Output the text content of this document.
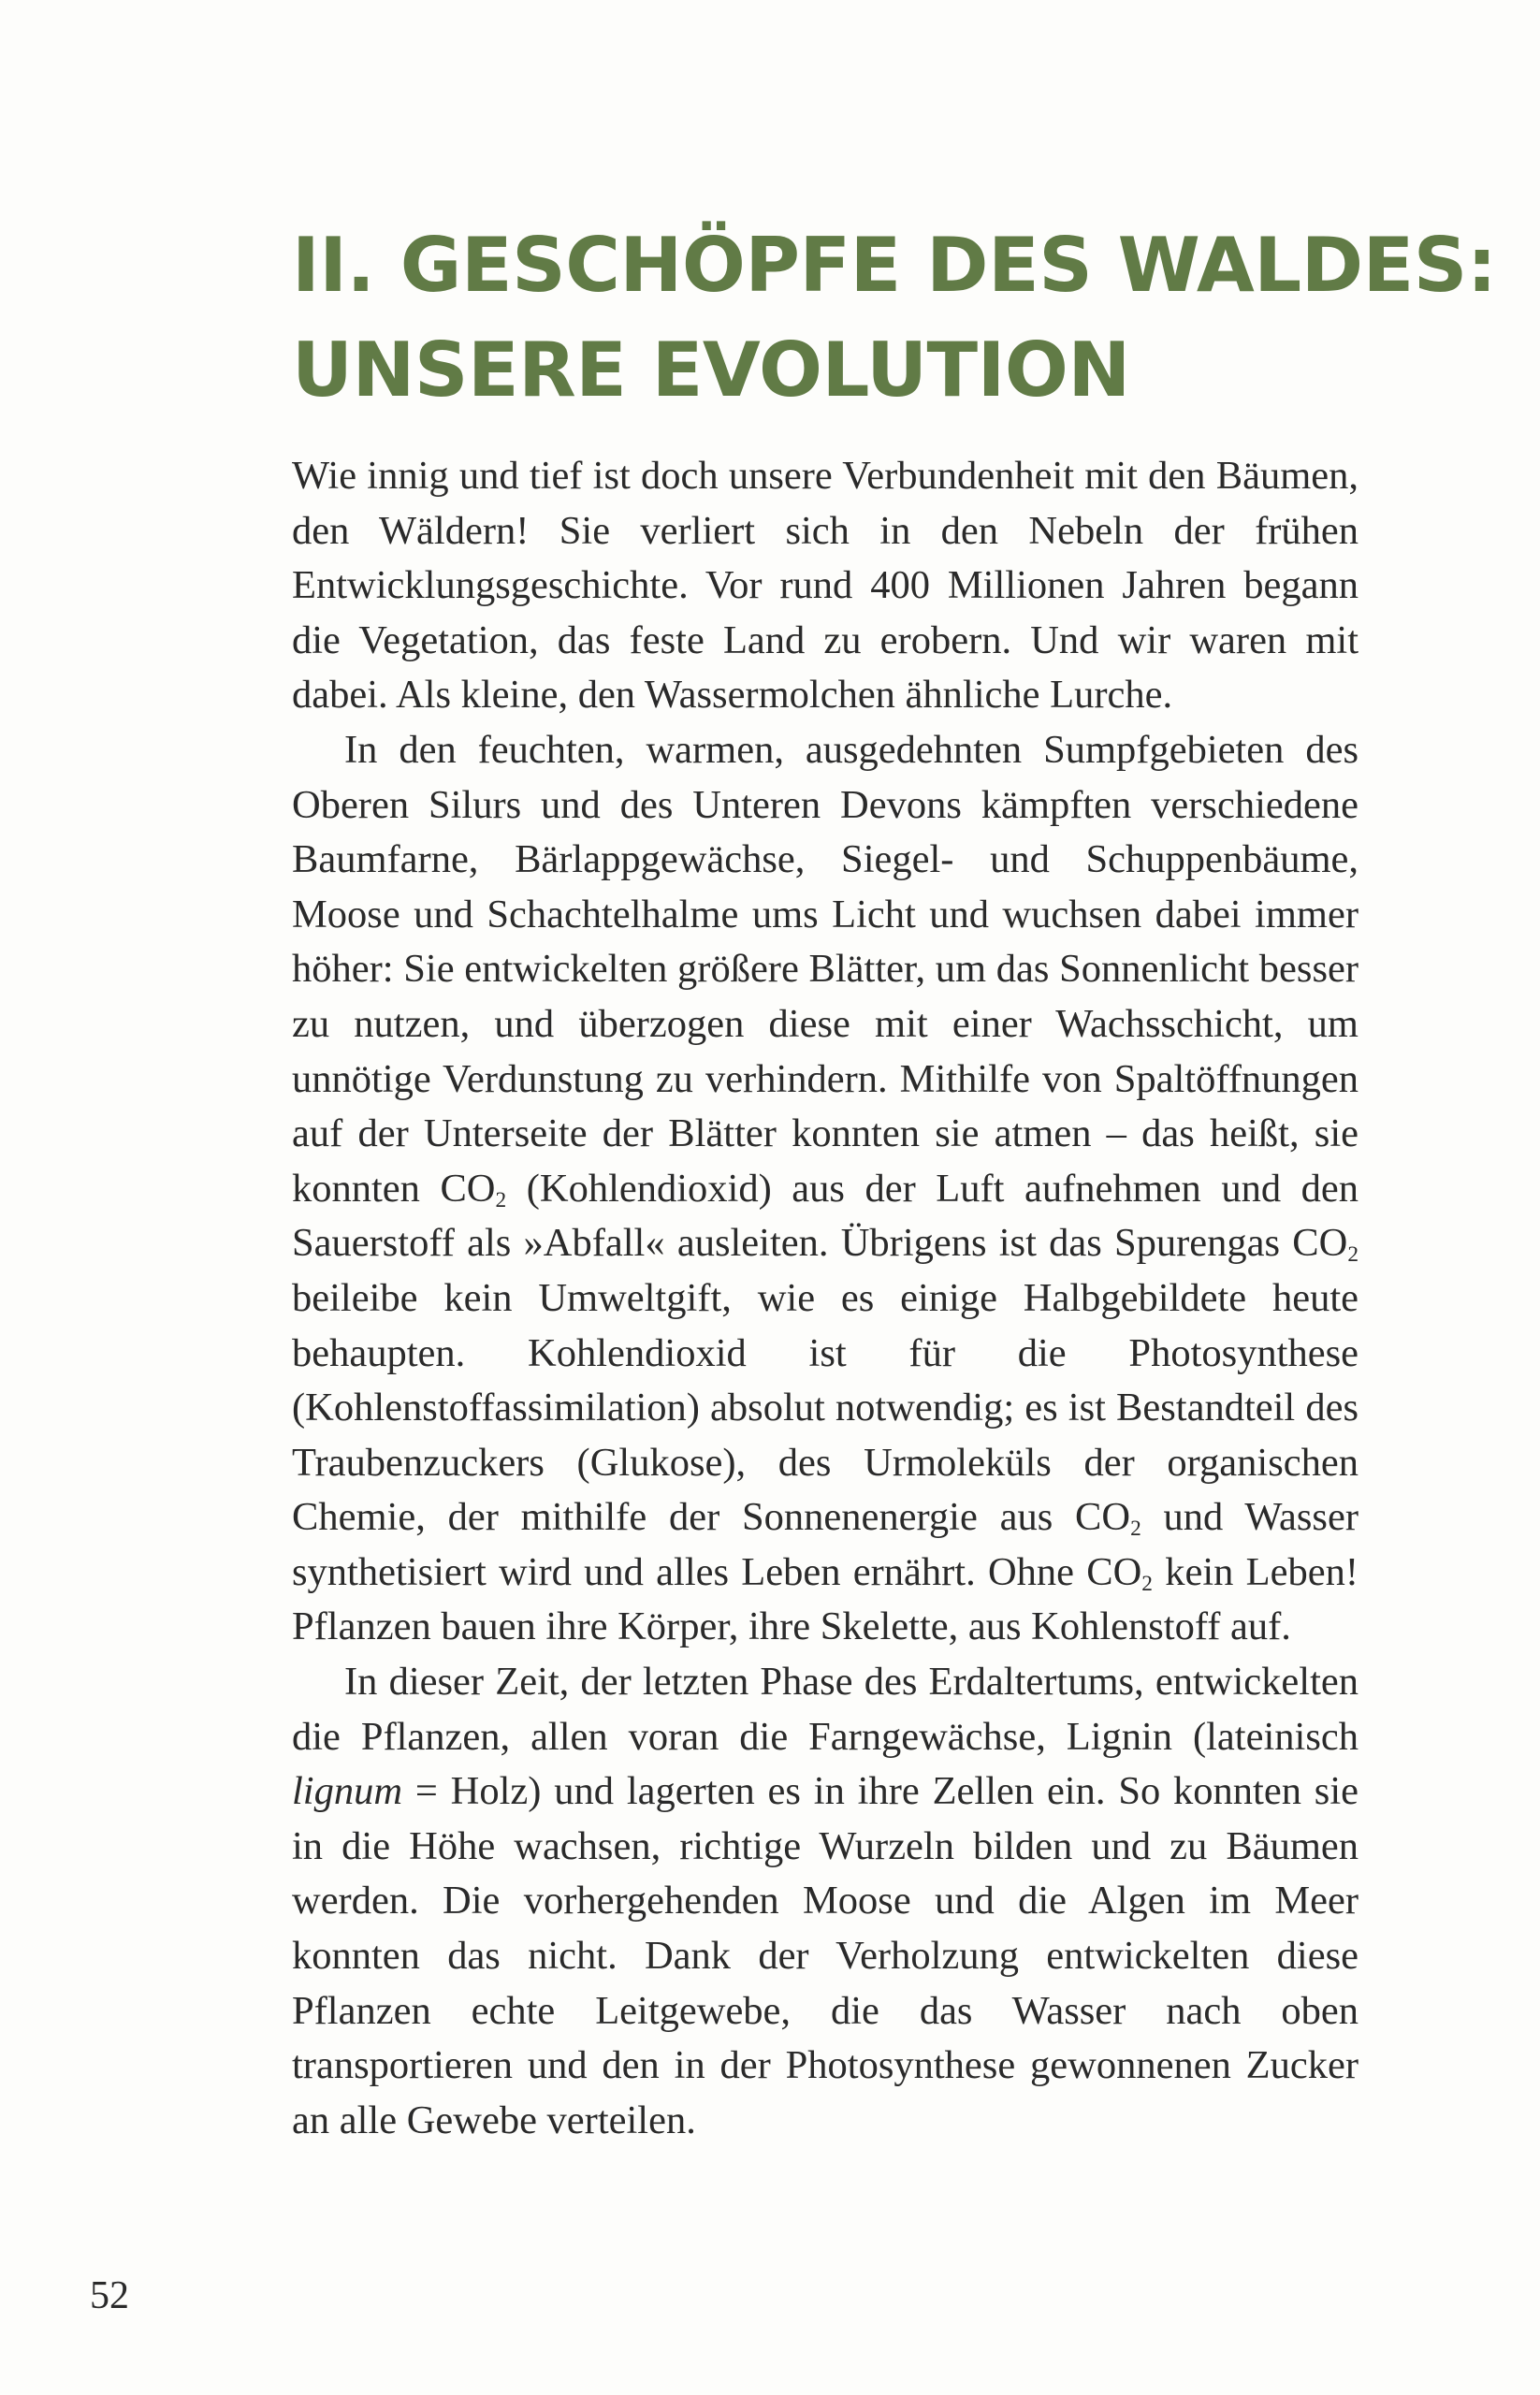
II. GESCHÖPFE DES WALDES:
UNSERE EVOLUTION

Wie innig und tief ist doch unsere Verbundenheit mit den Bäumen, den Wäldern! Sie verliert sich in den Nebeln der frühen Entwicklungsgeschichte. Vor rund 400 Millionen Jahren begann die Vegetation, das feste Land zu erobern. Und wir waren mit dabei. Als kleine, den Wassermolchen ähnliche Lurche.

In den feuchten, warmen, ausgedehnten Sumpfgebieten des Oberen Silurs und des Unteren Devons kämpften verschiedene Baumfarne, Bärlappgewächse, Siegel- und Schuppenbäume, Moose und Schachtelhalme ums Licht und wuchsen dabei immer höher: Sie entwickelten größere Blätter, um das Sonnenlicht besser zu nutzen, und überzogen diese mit einer Wachsschicht, um unnötige Verdunstung zu verhindern. Mithilfe von Spaltöffnungen auf der Unterseite der Blätter konnten sie atmen – das heißt, sie konnten $CO_2$ (Kohlendioxid) aus der Luft aufnehmen und den Sauerstoff als »Abfall« ausleiten. Übrigens ist das Spurengas $CO_2$ beileibe kein Umweltgift, wie es einige Halbgebildete heute behaupten. Kohlendioxid ist für die Photosynthese (Kohlenstoffassimilation) absolut notwendig; es ist Bestandteil des Traubenzuckers (Glukose), des Urmoleküls der organischen Chemie, der mithilfe der Sonnenenergie aus $CO_2$ und Wasser synthetisiert wird und alles Leben ernährt. Ohne $CO_2$ kein Leben! Pflanzen bauen ihre Körper, ihre Skelette, aus Kohlenstoff auf.

In dieser Zeit, der letzten Phase des Erdaltertums, entwickelten die Pflanzen, allen voran die Farngewächse, Lignin (lateinisch lignum = Holz) und lagerten es in ihre Zellen ein. So konnten sie in die Höhe wachsen, richtige Wurzeln bilden und zu Bäumen werden. Die vorhergehenden Moose und die Algen im Meer konnten das nicht. Dank der Verholzung entwickelten diese Pflanzen echte Leitgewebe, die das Wasser nach oben transportieren und den in der Photosynthese gewonnenen Zucker an alle Gewebe verteilen.

52
